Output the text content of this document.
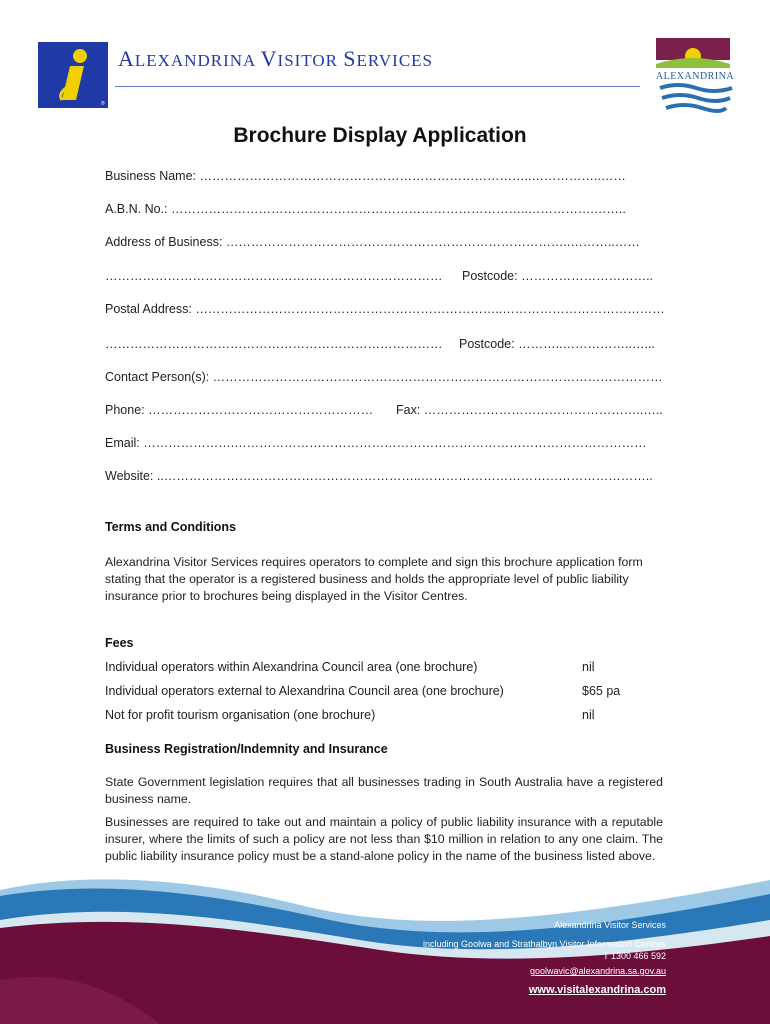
®
ALEXANDRINA VISITOR SERVICES
ALEXANDRINA
Brochure Display Application
Business Name: ……………………………………………………………………..……………..……
A.B.N. No.: …………………………………………………………………………..…………….……..
Address of Business: ………………………………………………………………………..………..……
……………………………………………………………………… Postcode: …………………………..
Postal Address: ………………………………………………………………..…………………………………
……………………………………………………………………… Postcode: ………..……………..…...
Contact Person(s): ………………………………………………………………………………………………
Phone: ……………………………………………… Fax: ……………………………………………..…..
Email: ………………….………………………………………………………………………………………
Website: ..……………………………………………………..………………………………………………..
Terms and Conditions
Alexandrina Visitor Services requires operators to complete and sign this brochure application form
stating that the operator is a registered business and holds the appropriate level of public liability
insurance prior to brochures being displayed in the Visitor Centres.
Fees
Individual operators within Alexandrina Council area (one brochure)	nil
Individual operators external to Alexandrina Council area (one brochure)	$65 pa
Not for profit tourism organisation (one brochure)	nil
Business Registration/Indemnity and Insurance
State Government legislation requires that all businesses trading in South Australia have a registered business name.
Businesses are required to take out and maintain a policy of public liability insurance with a reputable insurer, where the limits of such a policy are not less than $10 million in relation to any one claim. The public liability insurance policy must be a stand-alone policy in the name of the business listed above.
Alexandrina Visitor Services
including Goolwa and Strathalbyn Visitor Information Centres
T 1300 466 592
goolwavic@alexandrina.sa.gov.au
www.visitalexandrina.com
